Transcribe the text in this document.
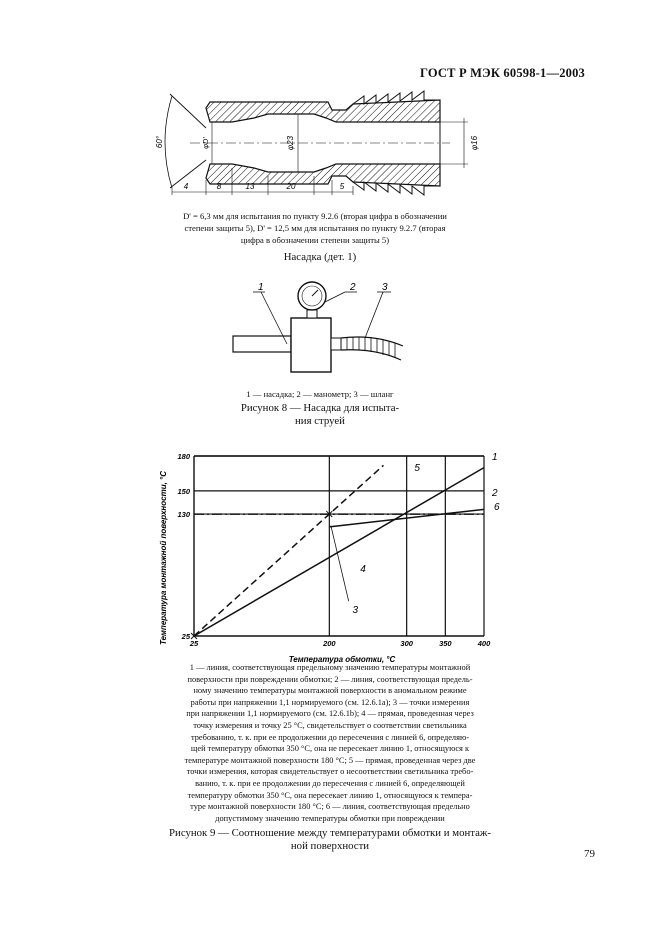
ГОСТ Р МЭК 60598-1—2003
φ16
φ23
φD'
60°
4	8	13	20	5
D' = 6,3 мм для испытания по пункту 9.2.6 (вторая цифра в обозначении
степени защиты 5), D' = 12,5 мм для испытания по пункту 9.2.7 (вторая
цифра в обозначении степени защиты 5)
Насадка (дет. 1)
1	2	3
1 — насадка; 2 — манометр; 3 — шланг
Рисунок 8 — Насадка для испыта-
ния струей
25	200	300	350	400
25
130
150
180	1
2
4
5
6
3
Температура монтажной поверхности, °C
Температура обмотки, °C
1 — линия, соответствующая предельному значению температуры монтажной
поверхности при повреждении обмотки; 2 — линия, соответствующая предель-
ному значению температуры монтажной поверхности в аномальном режиме
работы при напряжении 1,1 нормируемого (см. 12.6.1а); 3 — точки измерения
при напряжении 1,1 нормируемого (см. 12.6.1b); 4 — прямая, проведенная через
точку измерения и точку 25 °С, свидетельствует о соответствии светильника
требованию, т. к. при ее продолжении до пересечения с линией 6, определяю-
щей температуру обмотки 350 °С, она не пересекает линию 1, относящуюся к
температуре монтажной поверхности 180 °С; 5 — прямая, проведенная через две
точки измерения, которая свидетельствует о несоответствии светильника требо-
ванию, т. к. при ее продолжении до пересечения с линией 6, определяющей
температуру обмотки 350 °С, она пересекает линию 1, относящуюся к темпера-
туре монтажной поверхности 180 °С; 6 — линия, соответствующая предельно
допустимому значению температуры обмотки при повреждении
Рисунок 9 — Соотношение между температурами обмотки и монтаж-
ной поверхности
79
